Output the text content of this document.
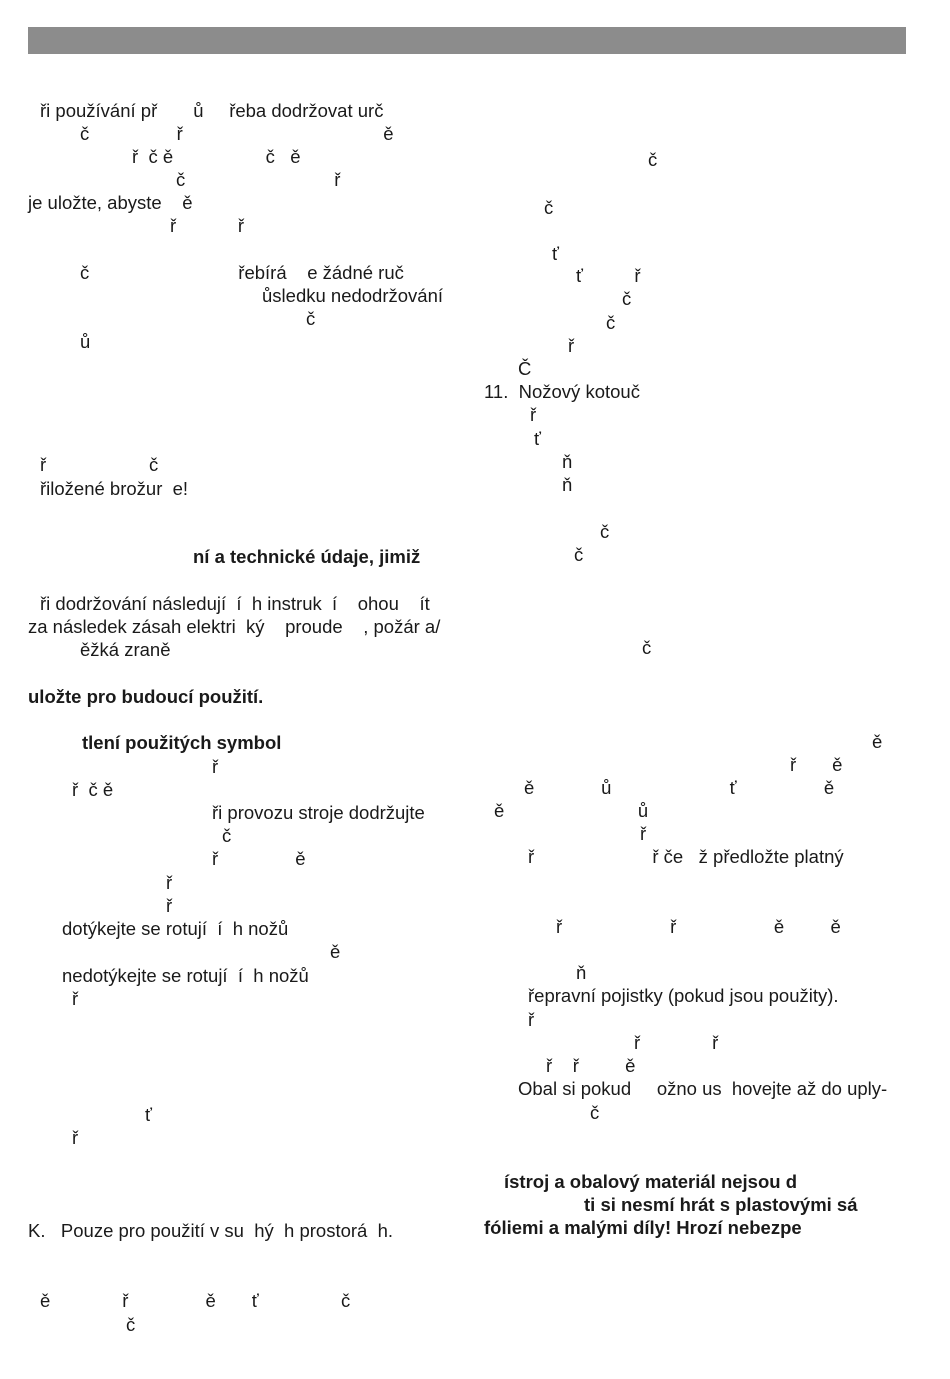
ři používání př       ů     řeba dodržovat urč
č                 ř                                       ě
ř  č ě                  č   ě
č                             ř
je uložte, abyste    ě
ř            ř
č                             řebírá    e žádné ruč
ůsledku nedodržování
č
ů
ř                    č
řiložené brožur  e!
ní a technické údaje, jimiž
ři dodržování následují  í  h instruk  í    ohou    ít
za následek zásah elektri  ký    proude    , požár a/
ěžká zraně
uložte pro budoucí použití.
tlení použitých symbol
ř
ř  č ě
ři provozu stroje dodržujte
č
ř               ě
ř
ř
dotýkejte se rotují  í  h nožů
ě
nedotýkejte se rotují  í  h nožů
ř
ť
ř
K.   Pouze pro použití v su  hý  h prostorá  h.
ě              ř               ě       ť                č
č
č
č
ť
ť          ř
č
č
ř
Č
11.  Nožový kotouč
ř
ť
ň
ň
č
č
č
ě
ř       ě
ě             ů                       ť                 ě
ě                          ů
ř
ř                       ř če   ž předložte platný
ř                     ř                   ě         ě
ň
řepravní pojistky (pokud jsou použity).
ř
ř              ř
ř    ř         ě
Obal si pokud     ožno us  hovejte až do uply-
č
ístroj a obalový materiál nejsou d
ti si nesmí hrát s plastovými sá
fóliemi a malými díly! Hrozí nebezpe
